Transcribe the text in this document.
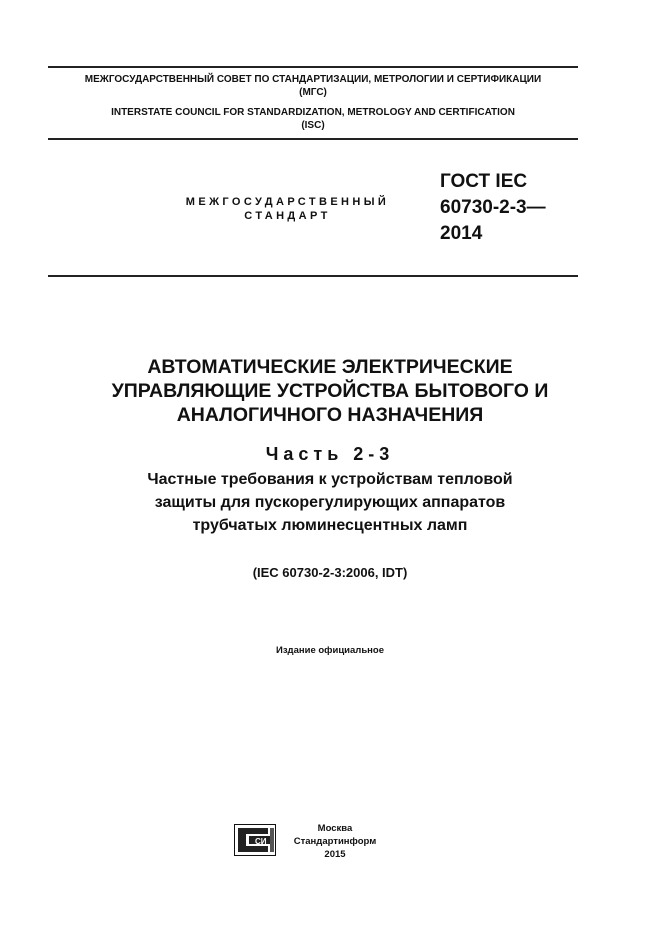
МЕЖГОСУДАРСТВЕННЫЙ СОВЕТ ПО СТАНДАРТИЗАЦИИ, МЕТРОЛОГИИ И СЕРТИФИКАЦИИ
(МГС)
INTERSTATE COUNCIL FOR STANDARDIZATION, METROLOGY AND CERTIFICATION
(ISC)
МЕЖГОСУДАРСТВЕННЫЙ
СТАНДАРТ
ГОСТ IEC
60730-2-3—
2014
АВТОМАТИЧЕСКИЕ ЭЛЕКТРИЧЕСКИЕ
УПРАВЛЯЮЩИЕ УСТРОЙСТВА БЫТОВОГО И
АНАЛОГИЧНОГО НАЗНАЧЕНИЯ
Часть 2-3
Частные требования к устройствам тепловой
защиты для пускорегулирующих аппаратов
трубчатых люминесцентных ламп
(IEC 60730-2-3:2006, IDT)
Издание официальное
СИ
Москва
Стандартинформ
2015
